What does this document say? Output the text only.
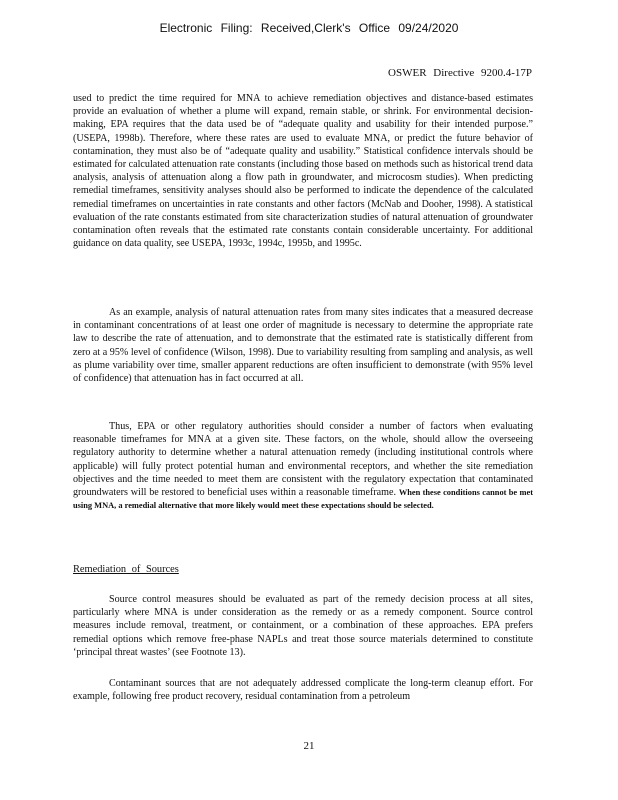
Electronic Filing: Received,Clerk's Office 09/24/2020
OSWER Directive 9200.4-17P

used to predict the time required for MNA to achieve remediation objectives and distance-based estimates provide an evaluation of whether a plume will expand, remain stable, or shrink. For environmental decision-making, EPA requires that the data used be of “adequate quality and usability for their intended purpose.” (USEPA, 1998b). Therefore, where these rates are used to evaluate MNA, or predict the future behavior of contamination, they must also be of “adequate quality and usability.” Statistical confidence intervals should be estimated for calculated attenuation rate constants (including those based on methods such as historical trend data analysis, analysis of attenuation along a flow path in groundwater, and microcosm studies). When predicting remedial timeframes, sensitivity analyses should also be performed to indicate the dependence of the calculated remedial timeframes on uncertainties in rate constants and other factors (McNab and Dooher, 1998). A statistical evaluation of the rate constants estimated from site characterization studies of natural attenuation of groundwater contamination often reveals that the estimated rate constants contain considerable uncertainty. For additional guidance on data quality, see USEPA, 1993c, 1994c, 1995b, and 1995c.

As an example, analysis of natural attenuation rates from many sites indicates that a measured decrease in contaminant concentrations of at least one order of magnitude is necessary to determine the appropriate rate law to describe the rate of attenuation, and to demonstrate that the estimated rate is statistically different from zero at a 95% level of confidence (Wilson, 1998). Due to variability resulting from sampling and analysis, as well as plume variability over time, smaller apparent reductions are often insufficient to demonstrate (with 95% level of confidence) that attenuation has in fact occurred at all.

Thus, EPA or other regulatory authorities should consider a number of factors when evaluating reasonable timeframes for MNA at a given site. These factors, on the whole, should allow the overseeing regulatory authority to determine whether a natural attenuation remedy (including institutional controls where applicable) will fully protect potential human and environmental receptors, and whether the site remediation objectives and the time needed to meet them are consistent with the regulatory expectation that contaminated groundwaters will be restored to beneficial uses within a reasonable timeframe. When these conditions cannot be met using MNA, a remedial alternative that more likely would meet these expectations should be selected.

Remediation of Sources

Source control measures should be evaluated as part of the remedy decision process at all sites, particularly where MNA is under consideration as the remedy or as a remedy component. Source control measures include removal, treatment, or containment, or a combination of these approaches. EPA prefers remedial options which remove free-phase NAPLs and treat those source materials determined to constitute ‘principal threat wastes’ (see Footnote 13).

Contaminant sources that are not adequately addressed complicate the long-term cleanup effort. For example, following free product recovery, residual contamination from a petroleum

21
